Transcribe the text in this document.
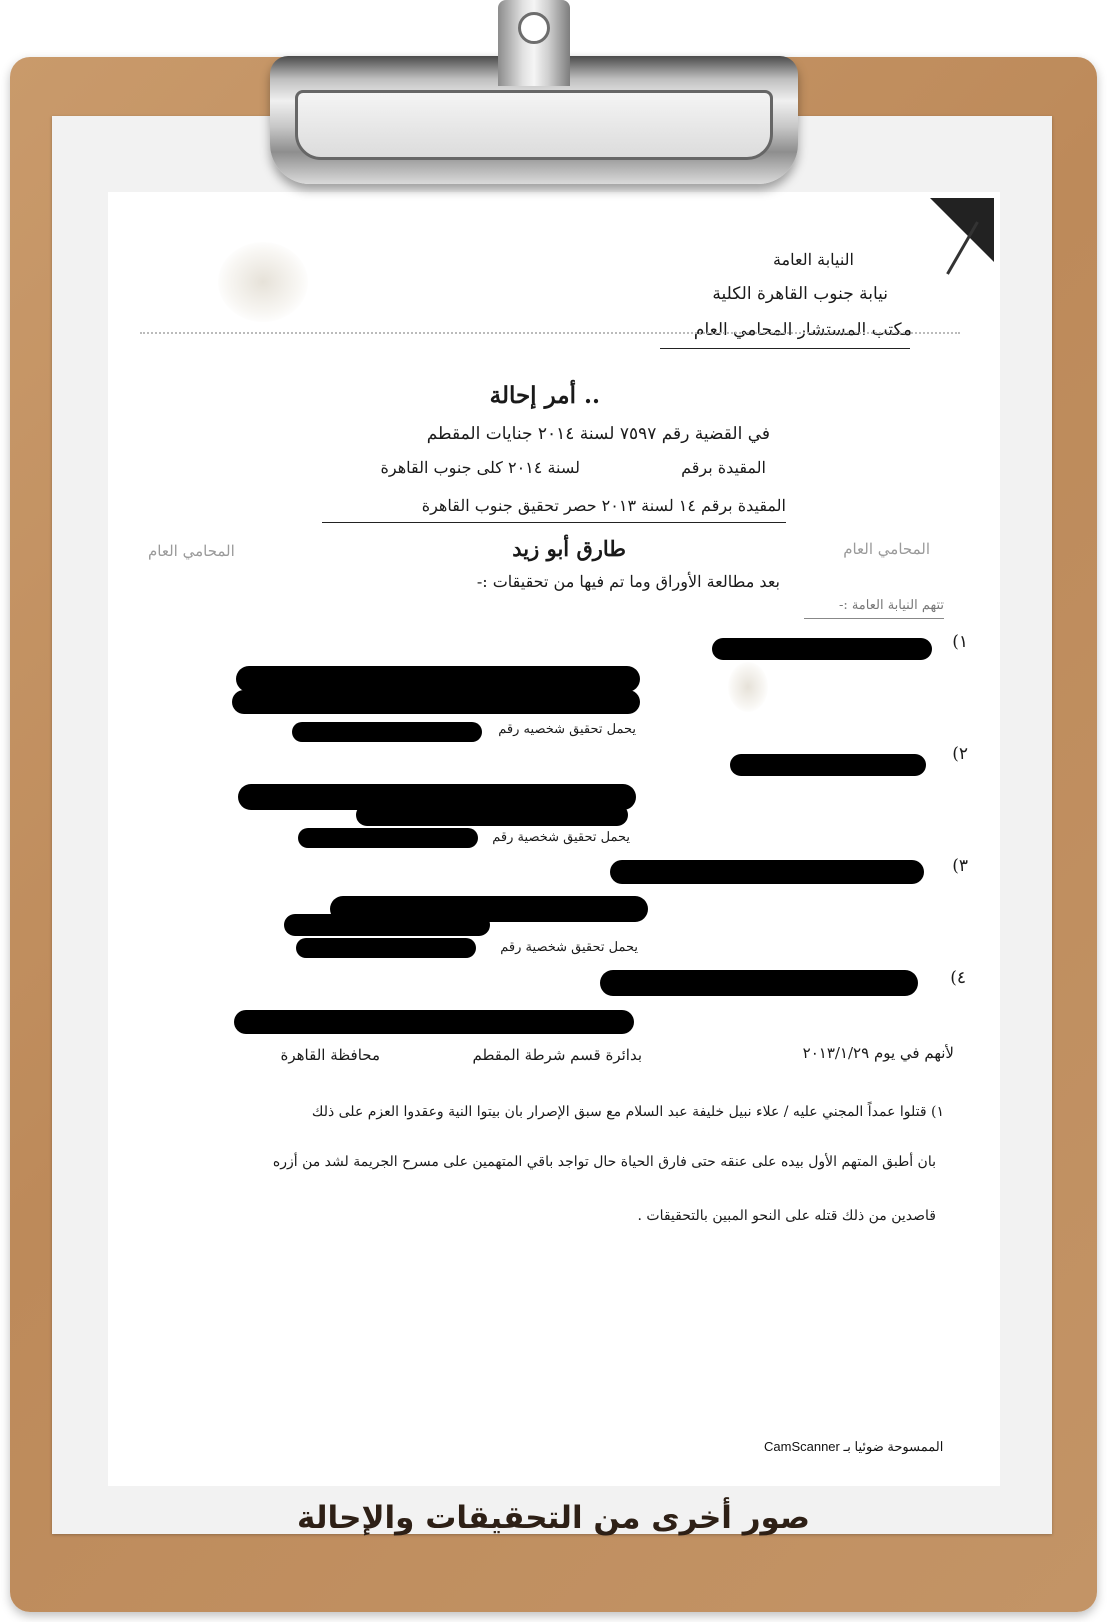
النيابة العامة
نيابة جنوب القاهرة الكلية
مكتب المستشار المحامي العام
.. أمر إحالة
في القضية رقم ٧٥٩٧ لسنة ٢٠١٤ جنايات المقطم
المقيدة برقم
لسنة ٢٠١٤ كلى جنوب القاهرة
المقيدة برقم ١٤ لسنة ٢٠١٣ حصر تحقيق جنوب القاهرة
طارق أبو زيد	المحامي العام
المحامي العام
بعد مطالعة الأوراق وما تم فيها من تحقيقات :-
تتهم النيابة العامة :-
١)
يحمل تحقيق شخصيه رقم
٢)
يحمل تحقيق شخصية رقم
٣)
يحمل تحقيق شخصية رقم
٤)
لأنهم في يوم ٢٠١٣/١/٢٩
بدائرة قسم شرطة المقطم
محافظة القاهرة
١) قتلوا عمداً المجني عليه / علاء نبيل خليفة عبد السلام مع سبق الإصرار بان بيتوا النية وعقدوا العزم على ذلك
بان أطبق المتهم الأول بيده على عنقه حتى فارق الحياة حال تواجد باقي المتهمين على مسرح الجريمة لشد من أزره
قاصدين من ذلك قتله على النحو المبين بالتحقيقات .
الممسوحة ضوئيا بـ CamScanner
صور أخرى من التحقيقات والإحالة
